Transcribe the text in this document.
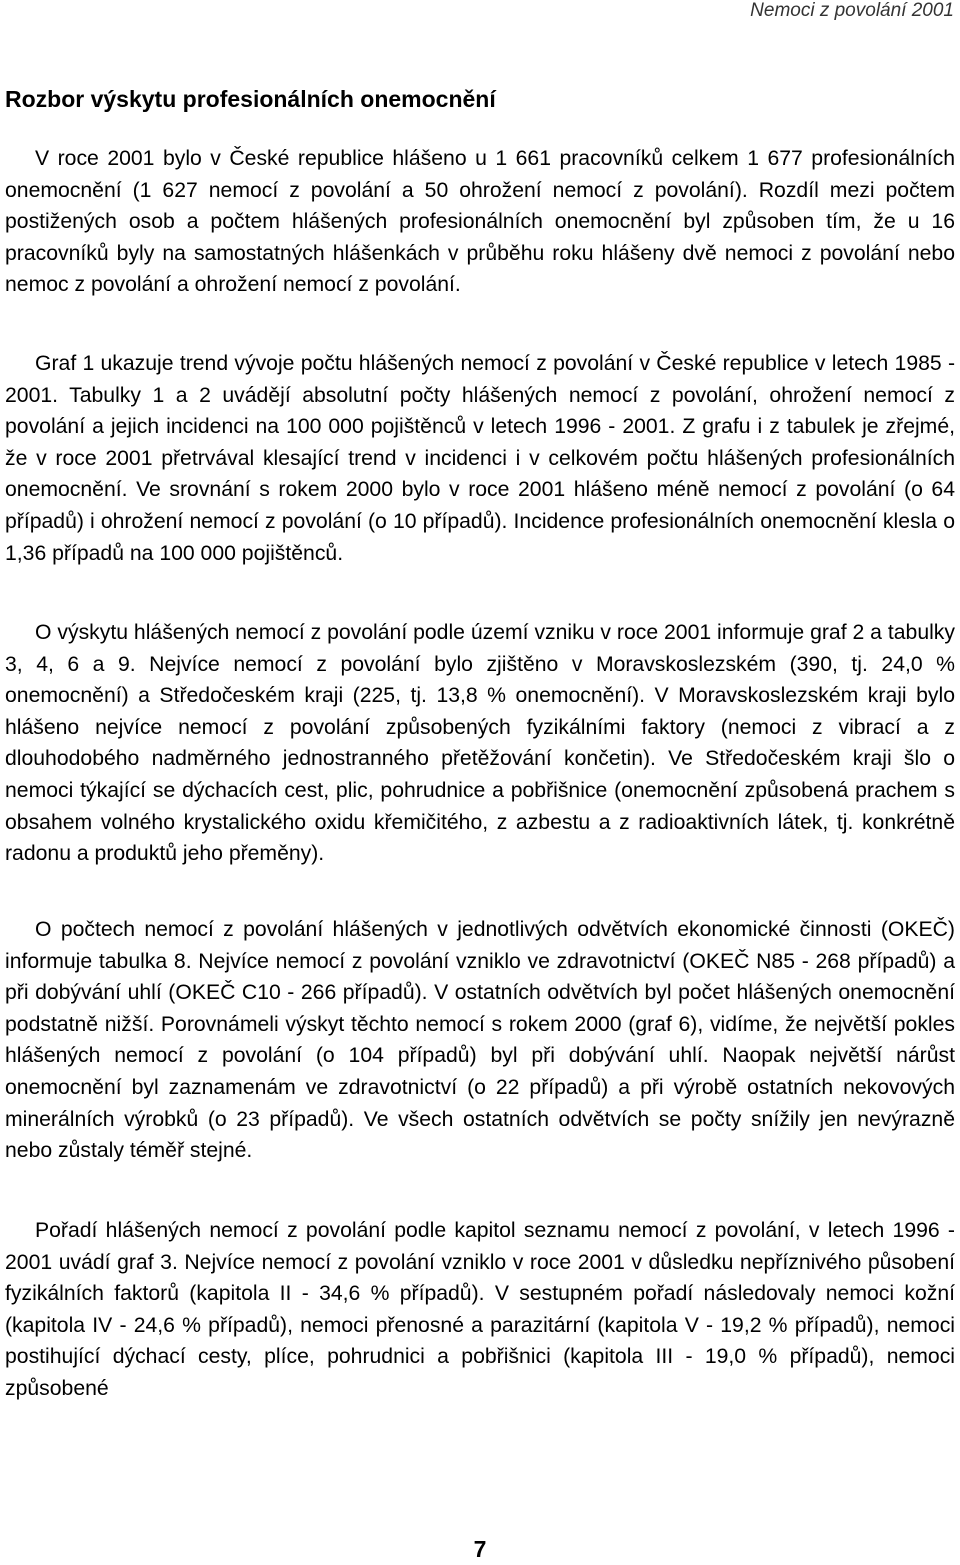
Nemoci z povolání 2001
Rozbor výskytu profesionálních onemocnění

V roce 2001 bylo v České republice hlášeno u 1 661 pracovníků celkem 1 677 profesionálních onemocnění (1 627 nemocí z povolání a 50 ohrožení nemocí z povolání). Rozdíl mezi počtem postižených osob a počtem hlášených profesionálních onemocnění byl způsoben tím, že u 16 pracovníků byly na samostatných hlášenkách v průběhu roku hlášeny dvě nemoci z povolání nebo nemoc z povolání a ohrožení nemocí z povolání.

Graf 1 ukazuje trend vývoje počtu hlášených nemocí z povolání v České republice v letech 1985 - 2001. Tabulky 1 a 2 uvádějí absolutní počty hlášených nemocí z povolání, ohrožení nemocí z povolání a jejich incidenci na 100 000 pojištěnců v letech 1996 - 2001. Z grafu i z tabulek je zřejmé, že v roce 2001 přetrvával klesající trend v incidenci i v celkovém počtu hlášených profesionálních onemocnění. Ve srovnání s rokem 2000 bylo v roce 2001 hlášeno méně nemocí z povolání (o 64 případů) i ohrožení nemocí z povolání (o 10 případů). Incidence profesionálních onemocnění klesla o 1,36 případů na 100 000 pojištěnců.

O výskytu hlášených nemocí z povolání podle území vzniku v roce 2001 informuje graf 2 a tabulky 3, 4, 6 a 9. Nejvíce nemocí z povolání bylo zjištěno v Moravskoslezském (390, tj. 24,0 % onemocnění) a Středočeském kraji (225, tj. 13,8 % onemocnění). V Moravskoslezském kraji bylo hlášeno nejvíce nemocí z povolání způsobených fyzikálními faktory (nemoci z vibrací a z dlouhodobého nadměrného jednostranného přetěžování končetin). Ve Středočeském kraji šlo o nemoci týkající se dýchacích cest, plic, pohrudnice a pobřišnice (onemocnění způsobená prachem s obsahem volného krystalického oxidu křemičitého, z azbestu a z radioaktivních látek, tj. konkrétně radonu a produktů jeho přeměny).

O počtech nemocí z povolání hlášených v jednotlivých odvětvích ekonomické činnosti (OKEČ) informuje tabulka 8. Nejvíce nemocí z povolání vzniklo ve zdravotnictví (OKEČ N85 - 268 případů) a při dobývání uhlí (OKEČ C10 - 266 případů). V ostatních odvětvích byl počet hlášených onemocnění podstatně nižší. Porovnámeli výskyt těchto nemocí s rokem 2000 (graf 6), vidíme, že největší pokles hlášených nemocí z povolání (o 104 případů) byl při dobývání uhlí. Naopak největší nárůst onemocnění byl zaznamenám ve zdravotnictví (o 22 případů) a při výrobě ostatních nekovových minerálních výrobků (o 23 případů). Ve všech ostatních odvětvích se počty snížily jen nevýrazně nebo zůstaly téměř stejné.

Pořadí hlášených nemocí z povolání podle kapitol seznamu nemocí z povolání, v letech 1996 - 2001 uvádí graf 3. Nejvíce nemocí z povolání vzniklo v roce 2001 v důsledku nepříznivého působení fyzikálních faktorů (kapitola II - 34,6 % případů). V sestupném pořadí následovaly nemoci kožní (kapitola IV - 24,6 % případů), nemoci přenosné a parazitární (kapitola V - 19,2 % případů), nemoci postihující dýchací cesty, plíce, pohrudnici a pobřišnici (kapitola III - 19,0 % případů), nemoci způsobené

7
